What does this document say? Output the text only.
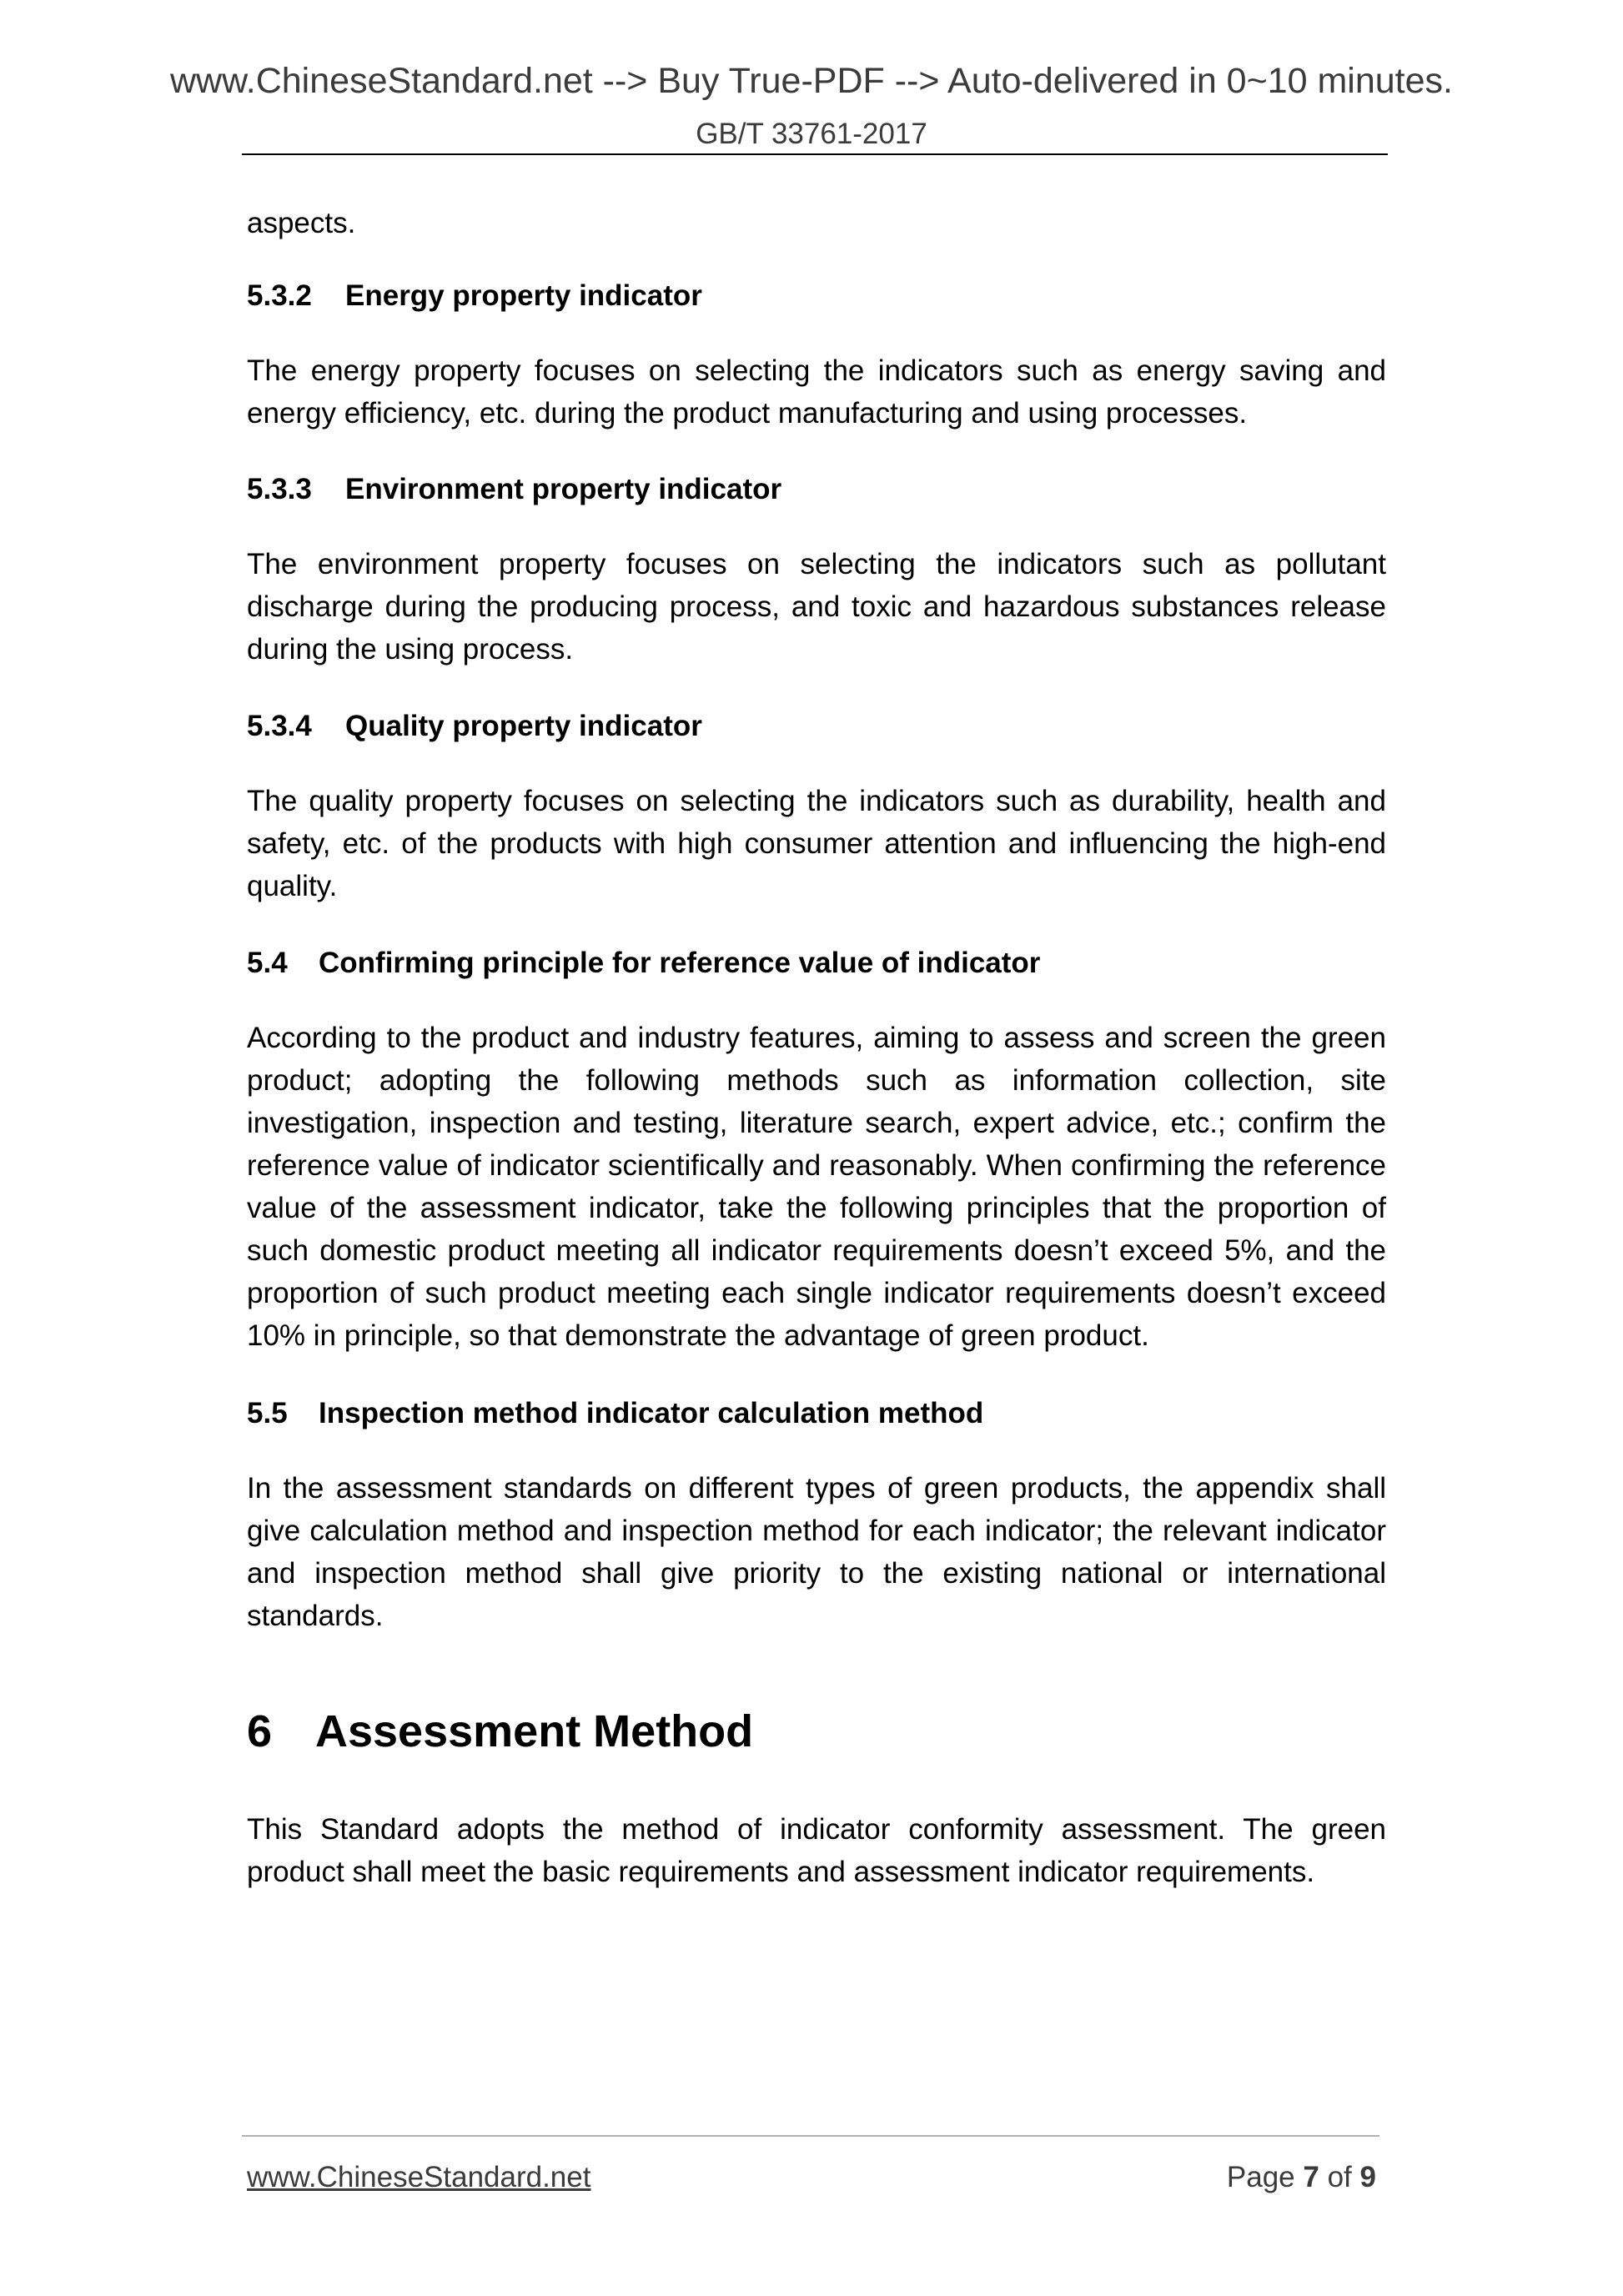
www.ChineseStandard.net --> Buy True-PDF --> Auto-delivered in 0~10 minutes.
GB/T 33761-2017

aspects.

5.3.2 Energy property indicator

The energy property focuses on selecting the indicators such as energy saving and energy efficiency, etc. during the product manufacturing and using processes.

5.3.3 Environment property indicator

The environment property focuses on selecting the indicators such as pollutant discharge during the producing process, and toxic and hazardous substances release during the using process.

5.3.4 Quality property indicator

The quality property focuses on selecting the indicators such as durability, health and safety, etc. of the products with high consumer attention and influencing the high-end quality.

5.4 Confirming principle for reference value of indicator

According to the product and industry features, aiming to assess and screen the green product; adopting the following methods such as information collection, site investigation, inspection and testing, literature search, expert advice, etc.; confirm the reference value of indicator scientifically and reasonably. When confirming the reference value of the assessment indicator, take the following principles that the proportion of such domestic product meeting all indicator requirements doesn’t exceed 5%, and the proportion of such product meeting each single indicator requirements doesn’t exceed 10% in principle, so that demonstrate the advantage of green product.

5.5 Inspection method indicator calculation method

In the assessment standards on different types of green products, the appendix shall give calculation method and inspection method for each indicator; the relevant indicator and inspection method shall give priority to the existing national or international standards.

6 Assessment Method

This Standard adopts the method of indicator conformity assessment. The green product shall meet the basic requirements and assessment indicator requirements.

www.ChineseStandard.net	Page 7 of 9
